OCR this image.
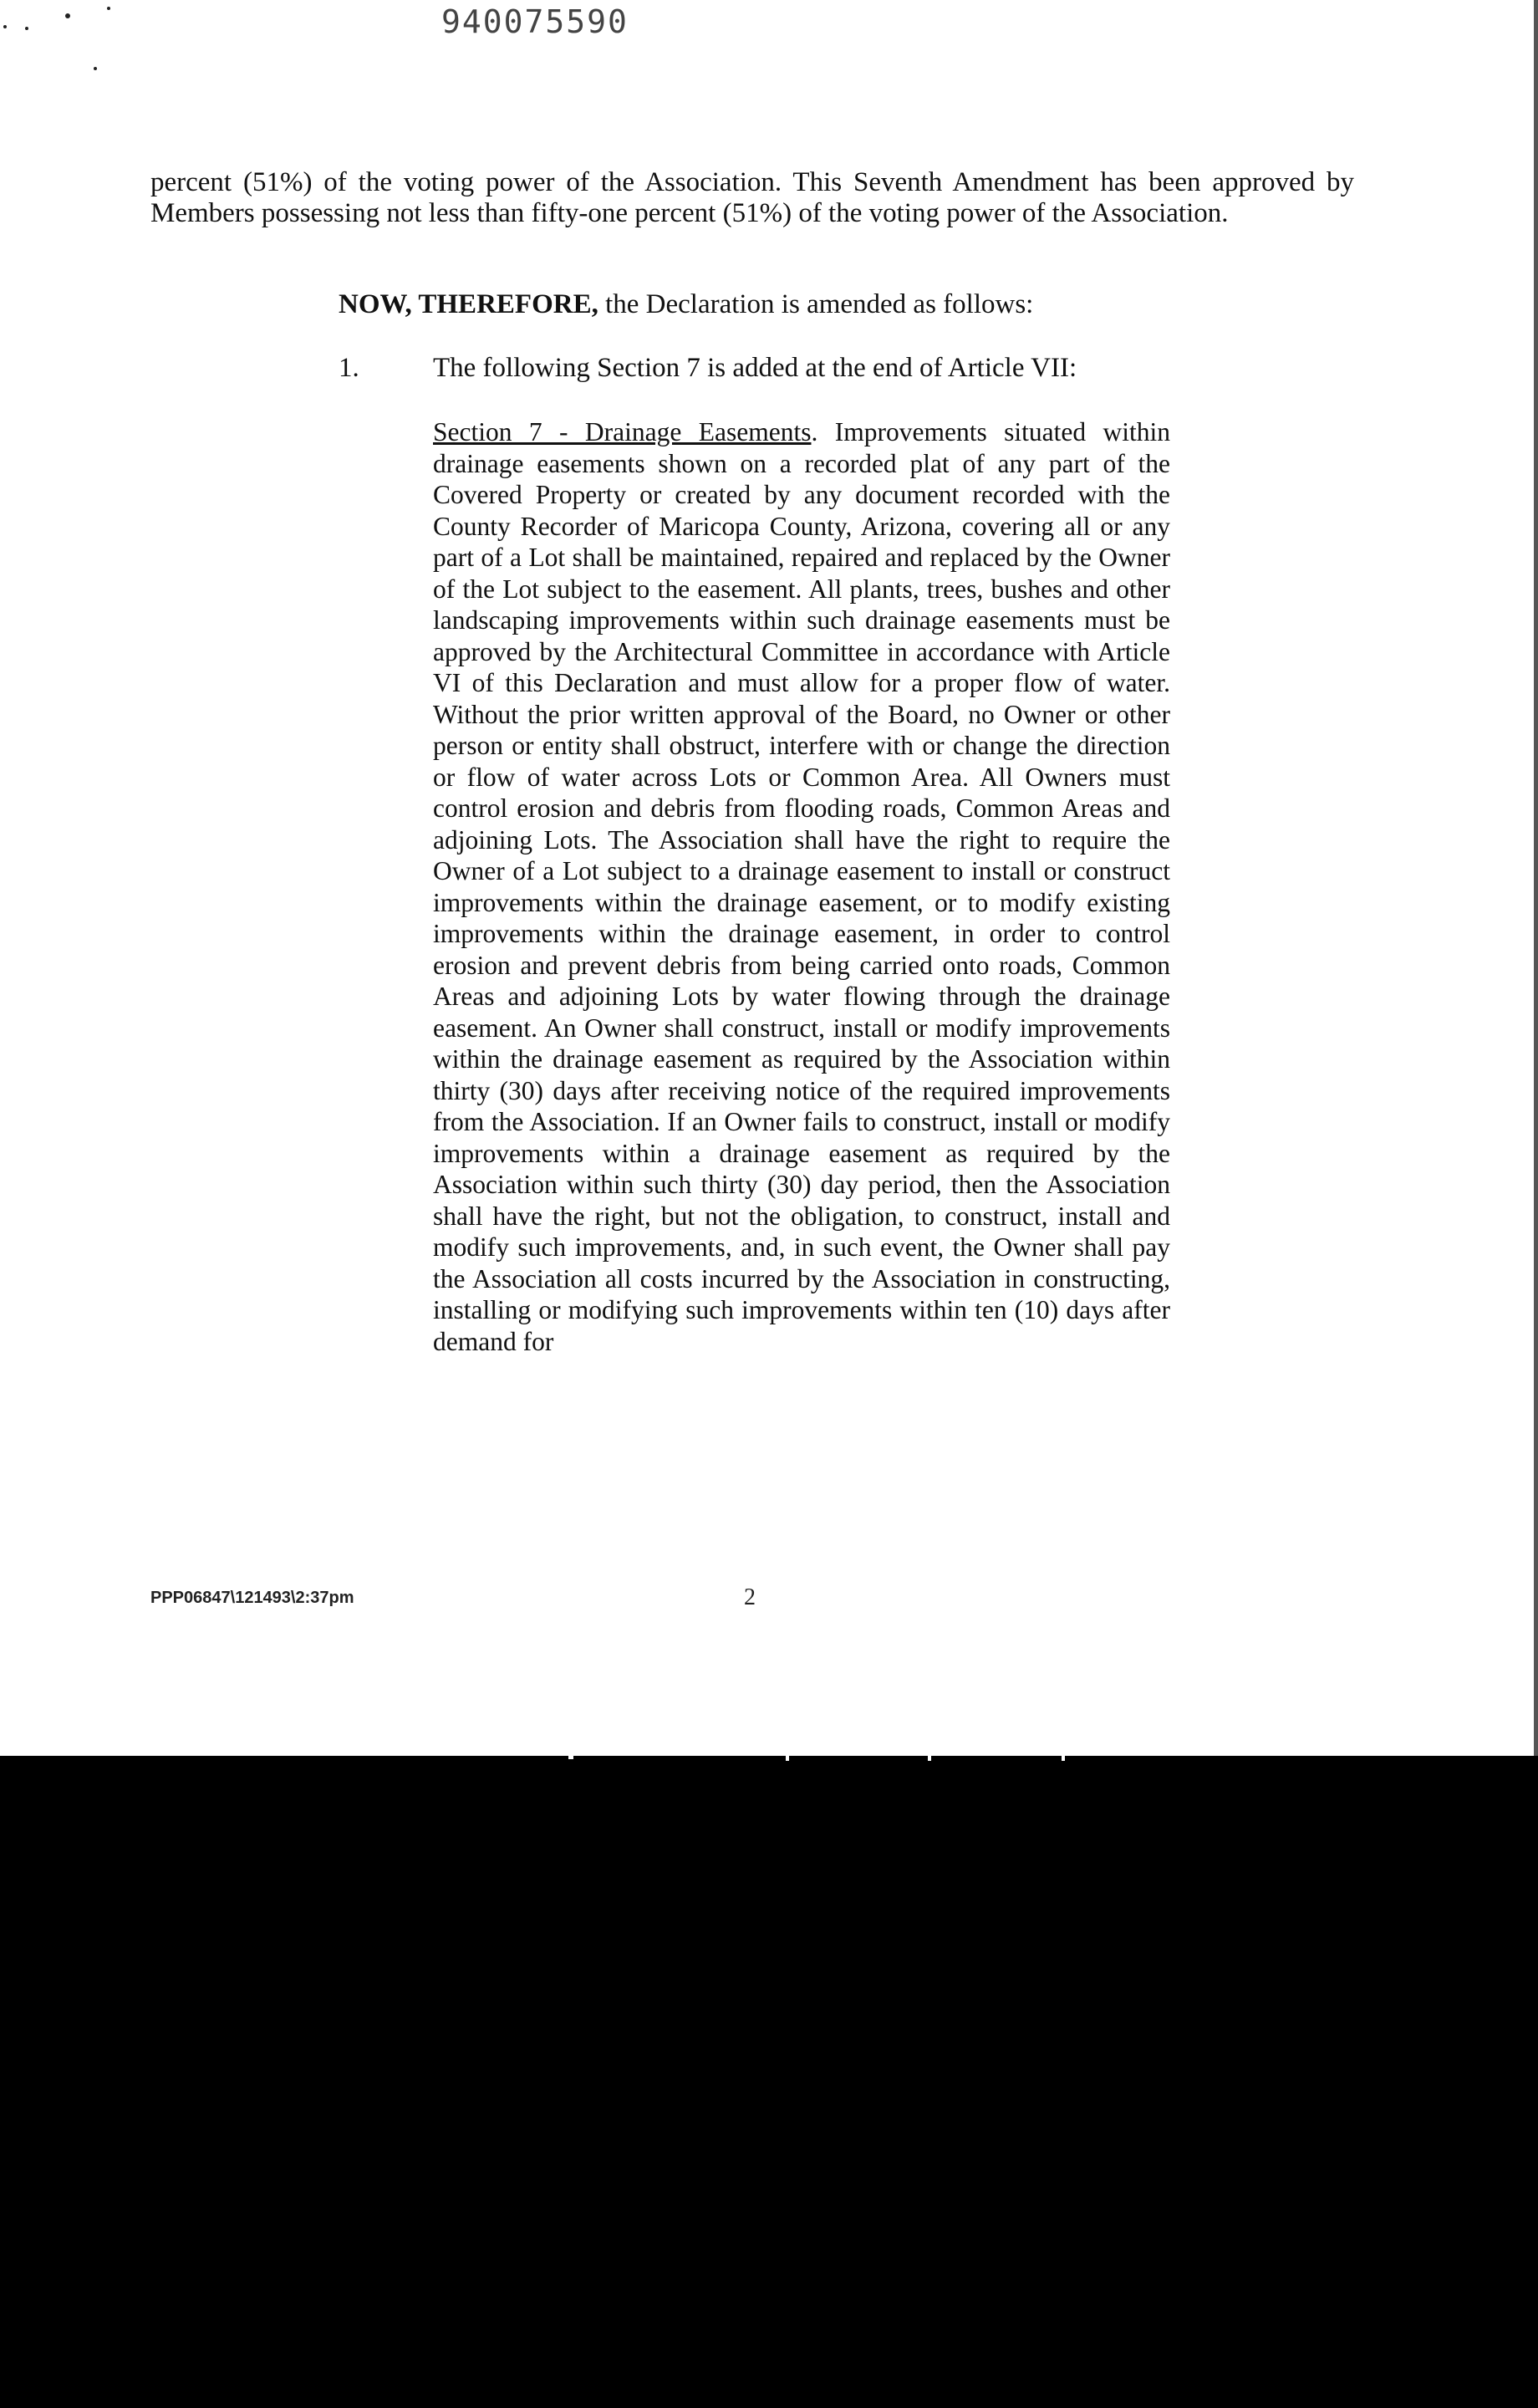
940075590

percent (51%) of the voting power of the Association. This Seventh Amendment has been approved by Members possessing not less than fifty-one percent (51%) of the voting power of the Association.

NOW, THEREFORE, the Declaration is amended as follows:
1.	The following Section 7 is added at the end of Article VII:

Section 7 - Drainage Easements. Improvements situated within drainage easements shown on a recorded plat of any part of the Covered Property or created by any document recorded with the County Recorder of Maricopa County, Arizona, covering all or any part of a Lot shall be maintained, repaired and replaced by the Owner of the Lot subject to the easement. All plants, trees, bushes and other landscaping improvements within such drainage easements must be approved by the Architectural Committee in accordance with Article VI of this Declaration and must allow for a proper flow of water. Without the prior written approval of the Board, no Owner or other person or entity shall obstruct, interfere with or change the direction or flow of water across Lots or Common Area. All Owners must control erosion and debris from flooding roads, Common Areas and adjoining Lots. The Association shall have the right to require the Owner of a Lot subject to a drainage easement to install or construct improvements within the drainage easement, or to modify existing improvements within the drainage easement, in order to control erosion and prevent debris from being carried onto roads, Common Areas and adjoining Lots by water flowing through the drainage easement. An Owner shall construct, install or modify improvements within the drainage easement as required by the Association within thirty (30) days after receiving notice of the required improvements from the Association. If an Owner fails to construct, install or modify improvements within a drainage easement as required by the Association within such thirty (30) day period, then the Association shall have the right, but not the obligation, to construct, install and modify such improvements, and, in such event, the Owner shall pay the Association all costs incurred by the Association in constructing, installing or modifying such improvements within ten (10) days after demand for

PPP06847\121493\2:37pm	2
